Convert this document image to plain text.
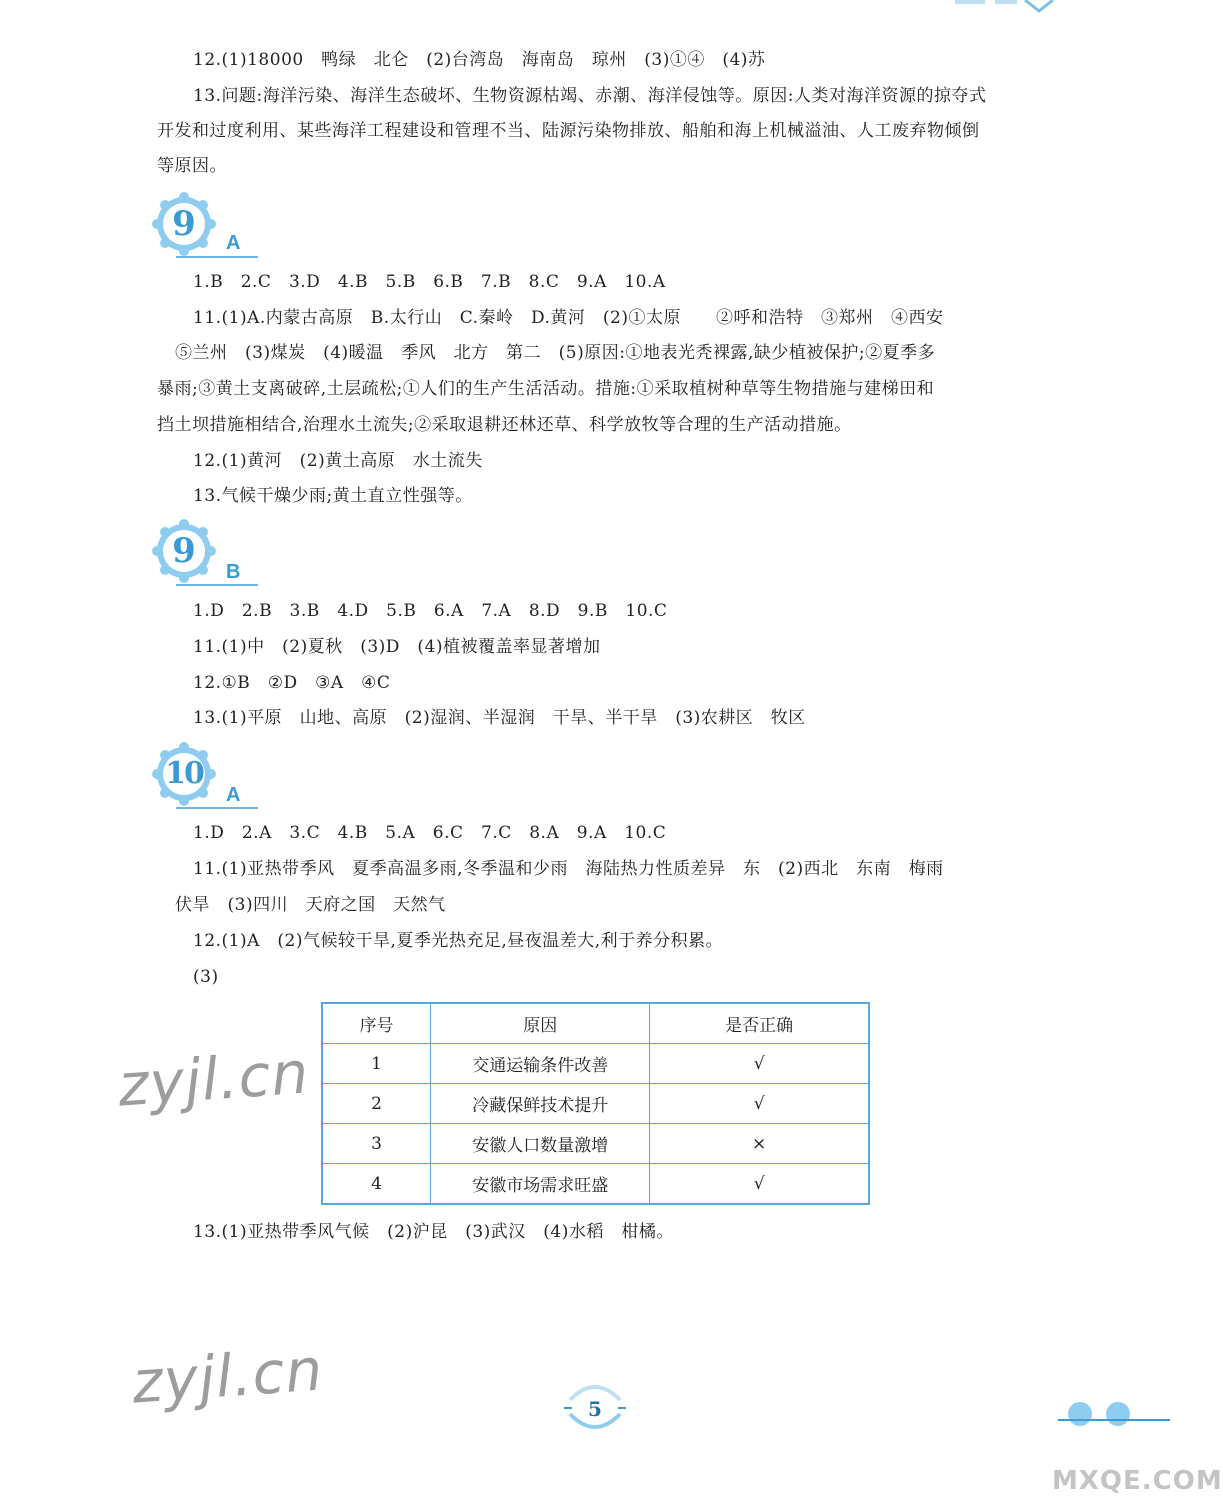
12.(1)18000　鸭绿　北仑　(2)台湾岛　海南岛　琼州　(3)①④　(4)苏
13.问题:海洋污染、海洋生态破坏、生物资源枯竭、赤潮、海洋侵蚀等。原因:人类对海洋资源的掠夺式
开发和过度利用、某些海洋工程建设和管理不当、陆源污染物排放、船舶和海上机械溢油、人工废弃物倾倒
等原因。
9	A
1.B　2.C　3.D　4.B　5.B　6.B　7.B　8.C　9.A　10.A
11.(1)A.内蒙古高原　B.太行山　C.秦岭　D.黄河　(2)①太原　　②呼和浩特　③郑州　④西安
⑤兰州　(3)煤炭　(4)暖温　季风　北方　第二　(5)原因:①地表光秃裸露,缺少植被保护;②夏季多
暴雨;③黄土支离破碎,土层疏松;①人们的生产生活活动。措施:①采取植树种草等生物措施与建梯田和
挡土坝措施相结合,治理水土流失;②采取退耕还林还草、科学放牧等合理的生产活动措施。
12.(1)黄河　(2)黄土高原　水土流失
13.气候干燥少雨;黄土直立性强等。
9
B
1.D　2.B　3.B　4.D　5.B　6.A　7.A　8.D　9.B　10.C
11.(1)中　(2)夏秋　(3)D　(4)植被覆盖率显著增加
12.①B　②D　③A　④C
13.(1)平原　山地、高原　(2)湿润、半湿润　干旱、半干旱　(3)农耕区　牧区
10
A
1.D　2.A　3.C　4.B　5.A　6.C　7.C　8.A　9.A　10.C
11.(1)亚热带季风　夏季高温多雨,冬季温和少雨　海陆热力性质差异　东　(2)西北　东南　梅雨
伏旱　(3)四川　天府之国　天然气
12.(1)A　(2)气候较干旱,夏季光热充足,昼夜温差大,利于养分积累。
(3)
序号	原因	是否正确
1	交通运输条件改善	√
2	冷藏保鲜技术提升	√
3	安徽人口数量激增	×
4	安徽市场需求旺盛	√
13.(1)亚热带季风气候　(2)沪昆　(3)武汉　(4)水稻　柑橘。
zyjl.cn
zyjl.cn	5
MXQE.COM
